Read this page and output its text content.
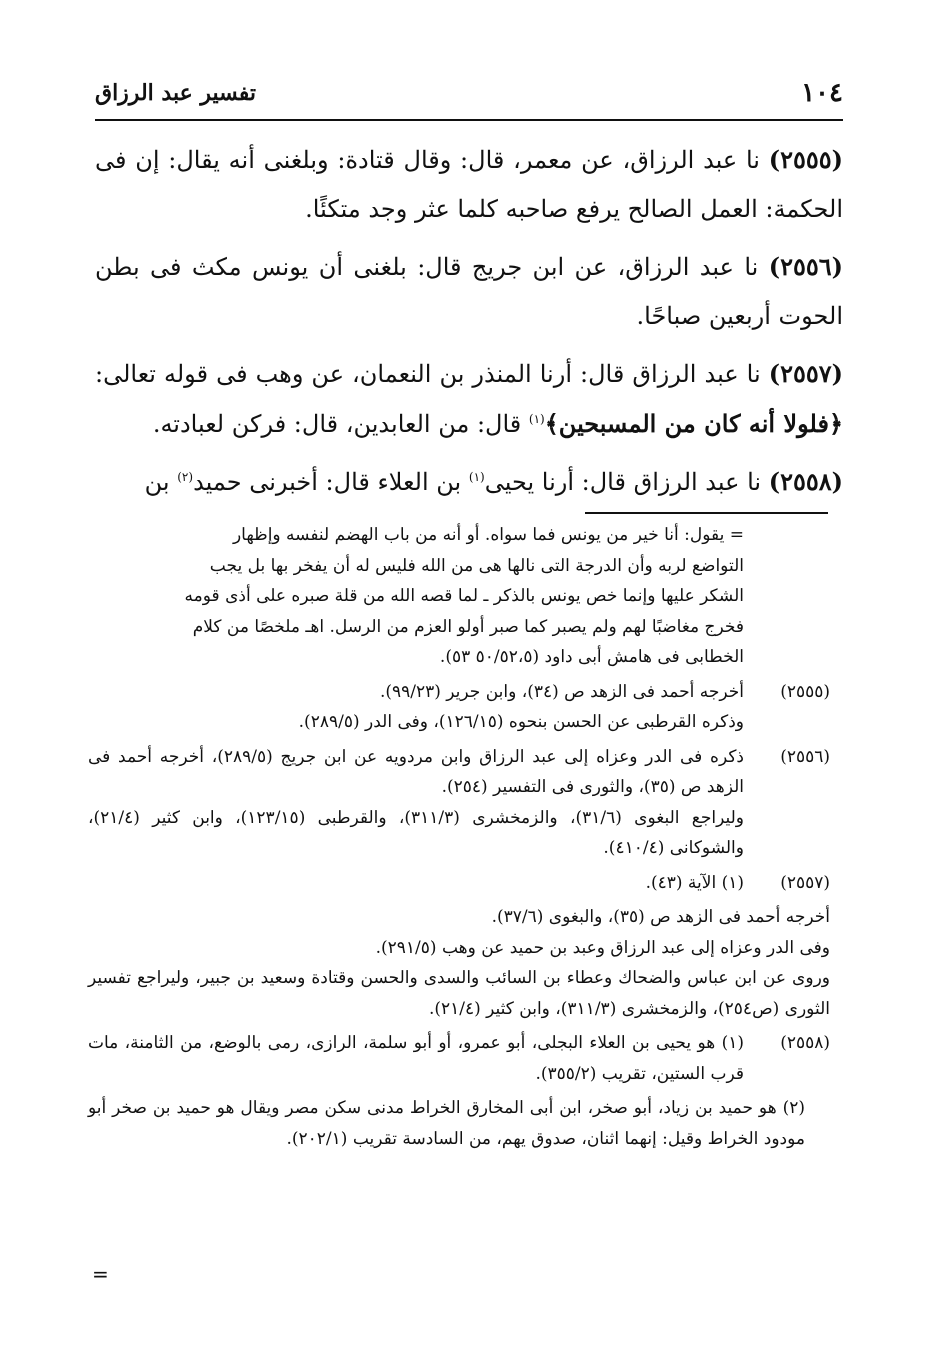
تفسير عبد الرزاق	١٠٤

(٢٥٥٥) نا عبد الرزاق، عن معمر، قال: وقال قتادة: وبلغنى أنه يقال: إن فى الحكمة: العمل الصالح يرفع صاحبه كلما عثر وجد متكئًا.

(٢٥٥٦) نا عبد الرزاق، عن ابن جريج قال: بلغنى أن يونس مكث فى بطن الحوت أربعين صباحًا.

(٢٥٥٧) نا عبد الرزاق قال: أرنا المنذر بن النعمان، عن وهب فى قوله تعالى: ﴿فلولا أنه كان من المسبحين﴾$^{(١)}$ قال: من العابدين، قال: فركن لعبادته.

(٢٥٥٨) نا عبد الرزاق قال: أرنا يحيى$^{(١)}$ بن العلاء قال: أخبرنى حميد$^{(٢)}$ بن

= يقول: أنا خير من يونس فما سواه. أو أنه من باب الهضم لنفسه وإظهار

التواضع لربه وأن الدرجة التى نالها هى من الله فليس له أن يفخر بها بل يجب

الشكر عليها وإنما خص يونس بالذكر ـ لما قصه الله من قلة صبره على أذى قومه

فخرج مغاضبًا لهم ولم يصبر كما صبر أولو العزم من الرسل. اهـ ملخصًا من كلام

الخطابى فى هامش أبى داود (٥٠/٥٢،٥ ٥٣).

(٢٥٥٥)

أخرجه أحمد فى الزهد ص (٣٤)، وابن جرير (٩٩/٢٣).

وذكره القرطبى عن الحسن بنحوه (١٢٦/١٥)، وفى الدر (٢٨٩/٥).

(٢٥٥٦)

ذكره فى الدر وعزاه إلى عبد الرزاق وابن مردويه عن ابن جريج (٢٨٩/٥)، أخرجه أحمد فى الزهد ص (٣٥)، والثورى فى التفسير (٢٥٤).

وليراجع البغوى (٣١/٦)، والزمخشرى (٣١١/٣)، والقرطبى (١٢٣/١٥)، وابن كثير (٢١/٤)، والشوكانى (٤١٠/٤).

(٢٥٥٧)

(١) الآية (٤٣).

أخرجه أحمد فى الزهد ص (٣٥)، والبغوى (٣٧/٦).

وفى الدر وعزاه إلى عبد الرزاق وعبد بن حميد عن وهب (٢٩١/٥).

وروى عن ابن عباس والضحاك وعطاء بن السائب والسدى والحسن وقتادة وسعيد بن جبير، وليراجع تفسير الثورى (ص٢٥٤)، والزمخشرى (٣١١/٣)، وابن كثير (٢١/٤).

(٢٥٥٨)

(١) هو يحيى بن العلاء البجلى، أبو عمرو، أو أبو سلمة، الرازى، رمى بالوضع، من الثامنة، مات قرب الستين، تقريب (٣٥٥/٢).

(٢) هو حميد بن زياد، أبو صخر، ابن أبى المخارق الخراط مدنى سكن مصر ويقال هو حميد بن صخر أبو مودود الخراط وقيل: إنهما اثنان، صدوق يهم، من السادسة تقريب (٢٠٢/١).

=
